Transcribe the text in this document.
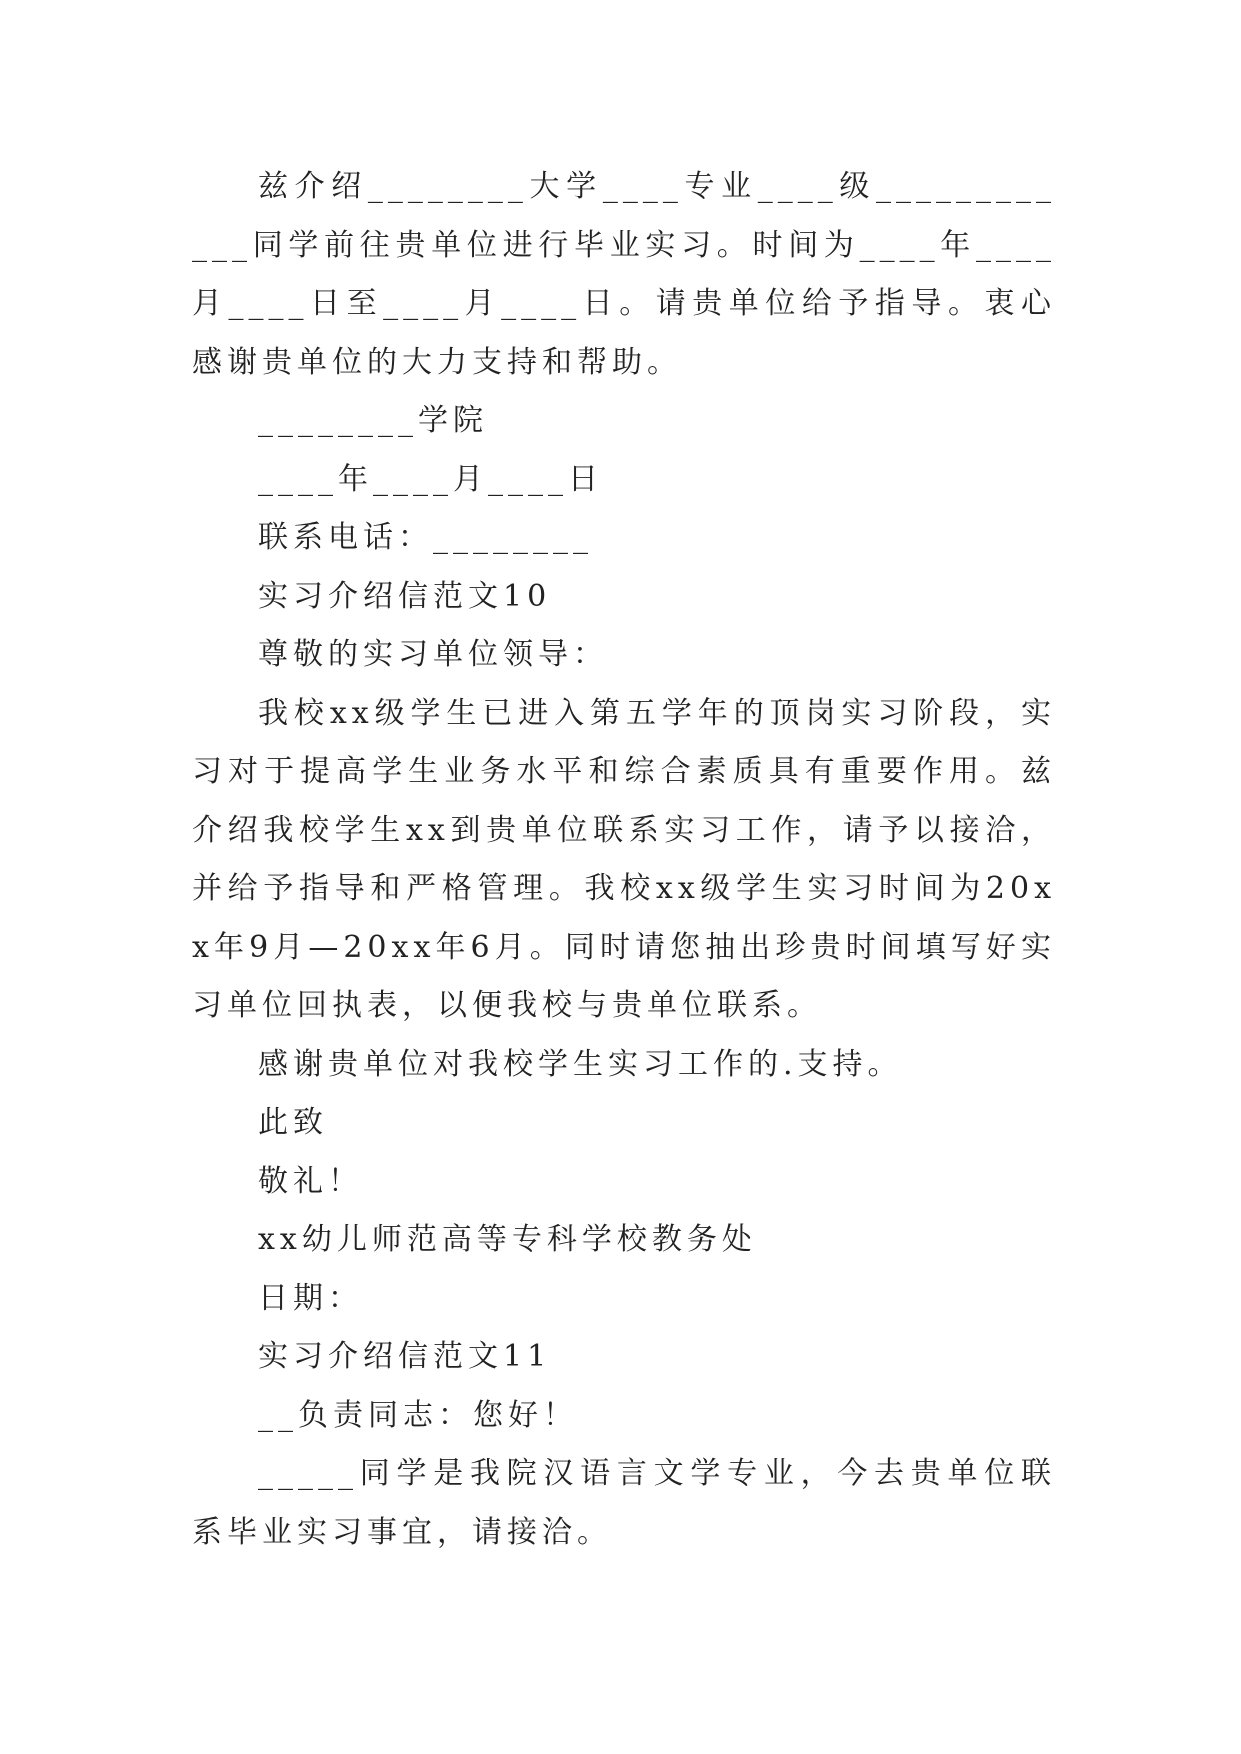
兹介绍________大学____专业____级____________同学前往贵单位进行毕业实习。时间为____年____月____日至____月____日。请贵单位给予指导。衷心感谢贵单位的大力支持和帮助。

________学院

____年____月____日

联系电话：________

实习介绍信范文10

尊敬的实习单位领导：

我校xx级学生已进入第五学年的顶岗实习阶段，实习对于提高学生业务水平和综合素质具有重要作用。兹介绍我校学生xx到贵单位联系实习工作，请予以接洽，并给予指导和严格管理。我校xx级学生实习时间为20xx年9月—20xx年6月。同时请您抽出珍贵时间填写好实习单位回执表，以便我校与贵单位联系。

感谢贵单位对我校学生实习工作的.支持。

此致

敬礼！

xx幼儿师范高等专科学校教务处

日期：

实习介绍信范文11

__负责同志：您好！

_____同学是我院汉语言文学专业，今去贵单位联系毕业实习事宜，请接洽。
